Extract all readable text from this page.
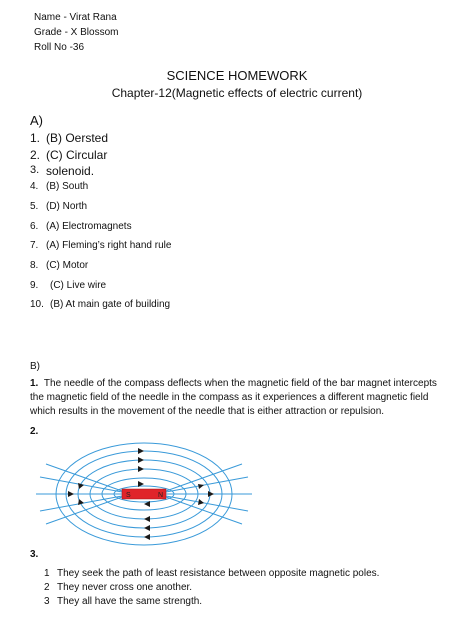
Name - Virat Rana
Grade - X Blossom
Roll No -36
SCIENCE HOMEWORK
Chapter-12(Magnetic effects of electric current)
A)
1. (B) Oersted
2. (C) Circular
3. solenoid.
4. (B) South
5. (D) North
6. (A) Electromagnets
7. (A) Fleming’s right hand rule
8. (C) Motor
9. (C) Live wire
10. (B) At main gate of building
B)
1. The needle of the compass deflects when the magnetic field of the bar magnet intercepts the magnetic field of the needle in the compass as it experiences a different magnetic field which results in the movement of the needle that is either attraction or repulsion.
2.
S	N
3.
1 They seek the path of least resistance between opposite magnetic poles.
2 They never cross one another.
3 They all have the same strength.
